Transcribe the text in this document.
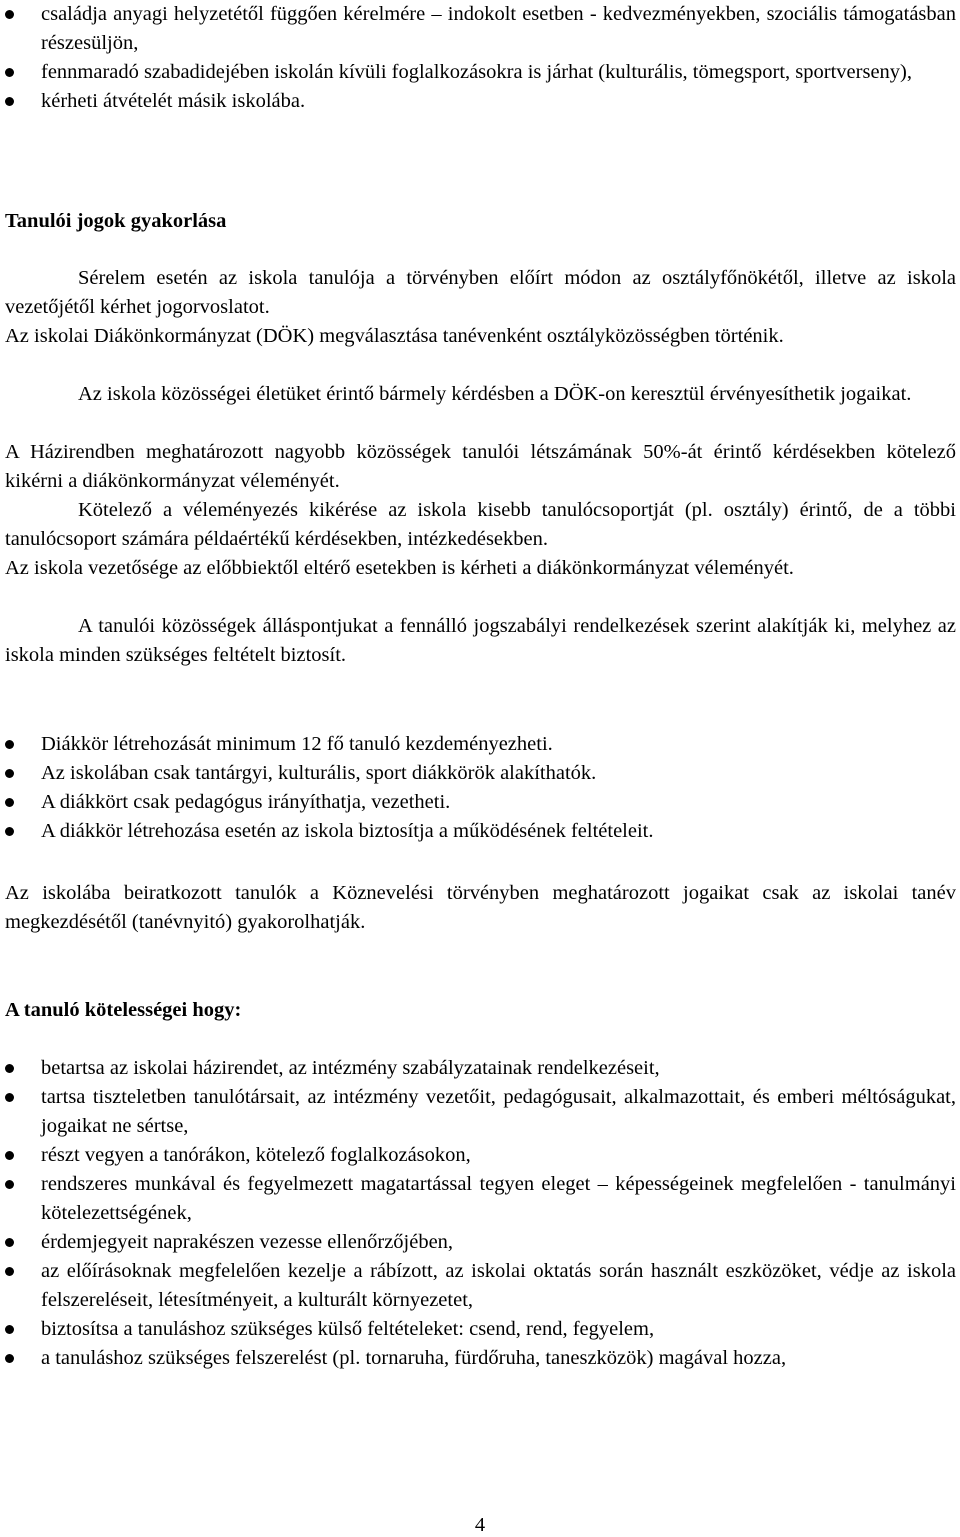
családja anyagi helyzetétől függően kérelmére – indokolt esetben - kedvezményekben, szociális támogatásban részesüljön,
fennmaradó szabadidejében iskolán kívüli foglalkozásokra is járhat (kulturális, tömegsport, sportverseny),
kérheti átvételét másik iskolába.
Tanulói jogok gyakorlása

Sérelem esetén az iskola tanulója a törvényben előírt módon az osztályfőnökétől, illetve az iskola vezetőjétől kérhet jogorvoslatot.

Az iskolai Diákönkormányzat (DÖK) megválasztása tanévenként osztályközösségben történik.

Az iskola közösségei életüket érintő bármely kérdésben a DÖK-on keresztül érvényesíthetik jogaikat.

A Házirendben meghatározott nagyobb közösségek tanulói létszámának 50%-át érintő kérdésekben kötelező kikérni a diákönkormányzat véleményét.

Kötelező a véleményezés kikérése az iskola kisebb tanulócsoportját (pl. osztály) érintő, de a többi tanulócsoport számára példaértékű kérdésekben, intézkedésekben.

Az iskola vezetősége az előbbiektől eltérő esetekben is kérheti a diákönkormányzat véleményét.

A tanulói közösségek álláspontjukat a fennálló jogszabályi rendelkezések szerint alakítják ki, melyhez az iskola minden szükséges feltételt biztosít.

Diákkör létrehozását minimum 12 fő tanuló kezdeményezheti.
Az iskolában csak tantárgyi, kulturális, sport diákkörök alakíthatók.
A diákkört csak pedagógus irányíthatja, vezetheti.
A diákkör létrehozása esetén az iskola biztosítja a működésének feltételeit.

Az iskolába beiratkozott tanulók a Köznevelési törvényben meghatározott jogaikat csak az iskolai tanév megkezdésétől (tanévnyitó) gyakorolhatják.

A tanuló kötelességei hogy:
betartsa az iskolai házirendet, az intézmény szabályzatainak rendelkezéseit,
tartsa tiszteletben tanulótársait, az intézmény vezetőit, pedagógusait, alkalmazottait, és emberi méltóságukat, jogaikat ne sértse,
részt vegyen a tanórákon, kötelező foglalkozásokon,
rendszeres munkával és fegyelmezett magatartással tegyen eleget – képességeinek megfelelően - tanulmányi kötelezettségének,
érdemjegyeit naprakészen vezesse ellenőrzőjében,
az előírásoknak megfelelően kezelje a rábízott, az iskolai oktatás során használt eszközöket, védje az iskola felszereléseit, létesítményeit, a kulturált környezetet,
biztosítsa a tanuláshoz szükséges külső feltételeket: csend, rend, fegyelem,
a tanuláshoz szükséges felszerelést (pl. tornaruha, fürdőruha, taneszközök) magával hozza,
4
